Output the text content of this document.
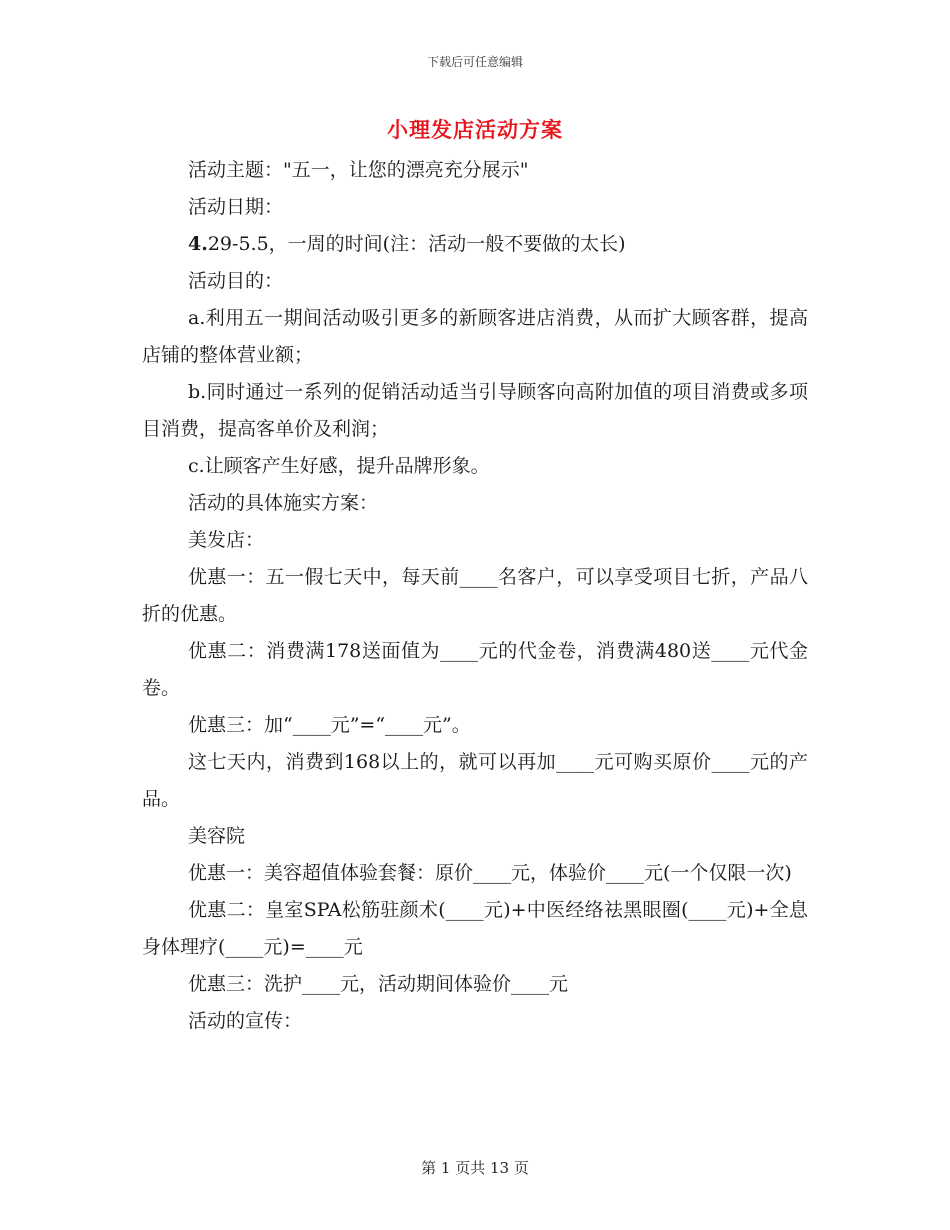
下载后可任意编辑
小理发店活动方案

活动主题："五一，让您的漂亮充分展示"

活动日期：

4.29-5.5，一周的时间(注：活动一般不要做的太长)

活动目的：

a.利用五一期间活动吸引更多的新顾客进店消费，从而扩大顾客群，提高店铺的整体营业额；

b.同时通过一系列的促销活动适当引导顾客向高附加值的项目消费或多项目消费，提高客单价及利润；

c.让顾客产生好感，提升品牌形象。

活动的具体施实方案：

美发店：

优惠一：五一假七天中，每天前____名客户，可以享受项目七折，产品八折的优惠。

优惠二：消费满178送面值为____元的代金卷，消费满480送____元代金卷。

优惠三：加“____元”=“____元”。

这七天内，消费到168以上的，就可以再加____元可购买原价____元的产品。

美容院

优惠一：美容超值体验套餐：原价____元，体验价____元(一个仅限一次)

优惠二：皇室SPA松筋驻颜术(____元)+中医经络祛黑眼圈(____元)+全息身体理疗(____元)=____元

优惠三：洗护____元，活动期间体验价____元

活动的宣传：

第 1 页共 13 页
